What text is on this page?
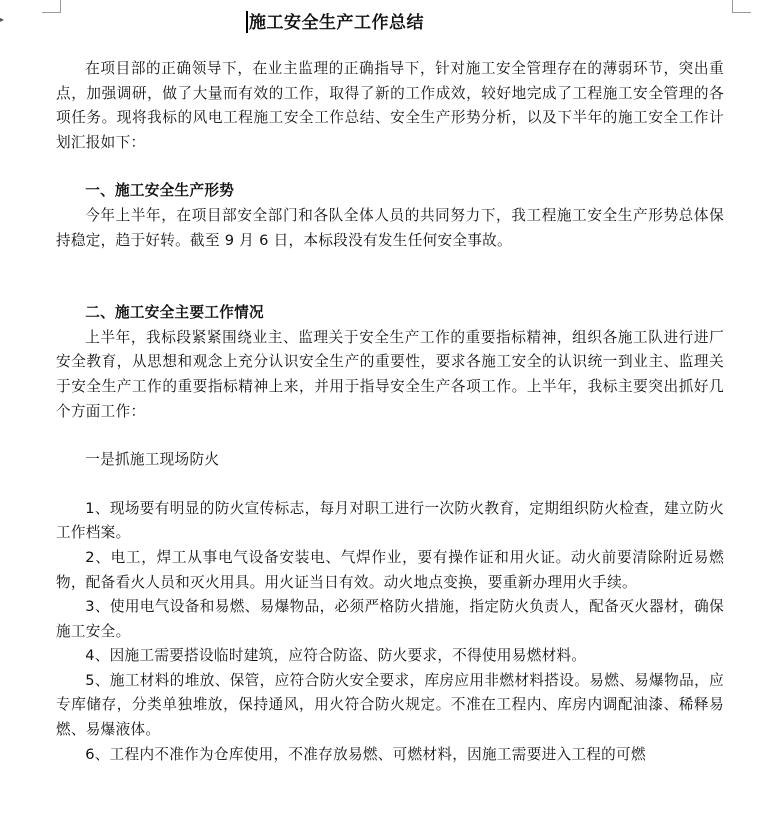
▸	施工安全生产工作总结

在项目部的正确领导下，在业主监理的正确指导下，针对施工安全管理存在的薄弱环节，突出重点，加强调研，做了大量而有效的工作，取得了新的工作成效，较好地完成了工程施工安全管理的各项任务。现将我标的风电工程施工安全工作总结、安全生产形势分析，以及下半年的施工安全工作计划汇报如下：

一、施工安全生产形势

今年上半年，在项目部安全部门和各队全体人员的共同努力下，我工程施工安全生产形势总体保持稳定，趋于好转。截至 9 月 6 日，本标段没有发生任何安全事故。

二、施工安全主要工作情况

上半年，我标段紧紧围绕业主、监理关于安全生产工作的重要指标精神，组织各施工队进行进厂安全教育，从思想和观念上充分认识安全生产的重要性，要求各施工安全的认识统一到业主、监理关于安全生产工作的重要指标精神上来，并用于指导安全生产各项工作。上半年，我标主要突出抓好几个方面工作：

一是抓施工现场防火

1、现场要有明显的防火宣传标志，每月对职工进行一次防火教育，定期组织防火检查，建立防火工作档案。

2、电工，焊工从事电气设备安装电、气焊作业，要有操作证和用火证。动火前要清除附近易燃物，配备看火人员和灭火用具。用火证当日有效。动火地点变换，要重新办理用火手续。

3、使用电气设备和易燃、易爆物品，必须严格防火措施，指定防火负责人，配备灭火器材，确保施工安全。

4、因施工需要搭设临时建筑，应符合防盗、防火要求，不得使用易燃材料。

5、施工材料的堆放、保管，应符合防火安全要求，库房应用非燃材料搭设。易燃、易爆物品，应专库储存，分类单独堆放，保持通风，用火符合防火规定。不准在工程内、库房内调配油漆、稀释易燃、易爆液体。

6、工程内不准作为仓库使用，不准存放易燃、可燃材料，因施工需要进入工程的可燃
